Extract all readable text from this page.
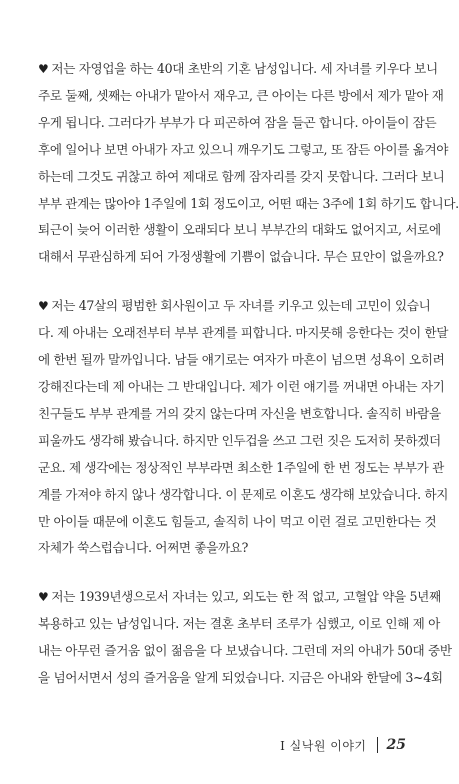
♥ 저는 자영업을 하는 40대 초반의 기혼 남성입니다. 세 자녀를 키우다 보니
주로 둘째, 셋째는 아내가 맡아서 재우고, 큰 아이는 다른 방에서 제가 맡아 재
우게 됩니다. 그러다가 부부가 다 피곤하여 잠을 들곤 합니다. 아이들이 잠든
후에 일어나 보면 아내가 자고 있으니 깨우기도 그렇고, 또 잠든 아이를 옮겨야
하는데 그것도 귀찮고 하여 제대로 함께 잠자리를 갖지 못합니다. 그러다 보니
부부 관계는 많아야 1주일에 1회 정도이고, 어떤 때는 3주에 1회 하기도 합니다.
퇴근이 늦어 이러한 생활이 오래되다 보니 부부간의 대화도 없어지고, 서로에
대해서 무관심하게 되어 가정생활에 기쁨이 없습니다. 무슨 묘안이 없을까요?
♥ 저는 47살의 평범한 회사원이고 두 자녀를 키우고 있는데 고민이 있습니
다. 제 아내는 오래전부터 부부 관계를 피합니다. 마지못해 응한다는 것이 한달
에 한번 될까 말까입니다. 남들 얘기로는 여자가 마흔이 넘으면 성욕이 오히려
강해진다는데 제 아내는 그 반대입니다. 제가 이런 얘기를 꺼내면 아내는 자기
친구들도 부부 관계를 거의 갖지 않는다며 자신을 변호합니다. 솔직히 바람을
피울까도 생각해 봤습니다. 하지만 인두겁을 쓰고 그런 짓은 도저히 못하겠더
군요. 제 생각에는 정상적인 부부라면 최소한 1주일에 한 번 정도는 부부가 관
계를 가져야 하지 않나 생각합니다. 이 문제로 이혼도 생각해 보았습니다. 하지
만 아이들 때문에 이혼도 힘들고, 솔직히 나이 먹고 이런 걸로 고민한다는 것
자체가 쑥스럽습니다. 어쩌면 좋을까요?
♥ 저는 1939년생으로서 자녀는 있고, 외도는 한 적 없고, 고혈압 약을 5년째
복용하고 있는 남성입니다. 저는 결혼 초부터 조루가 심했고, 이로 인해 제 아
내는 아무런 즐거움 없이 젊음을 다 보냈습니다. 그런데 저의 아내가 50대 중반
을 넘어서면서 성의 즐거움을 알게 되었습니다. 지금은 아내와 한달에 3~4회
I 실낙원 이야기 25
